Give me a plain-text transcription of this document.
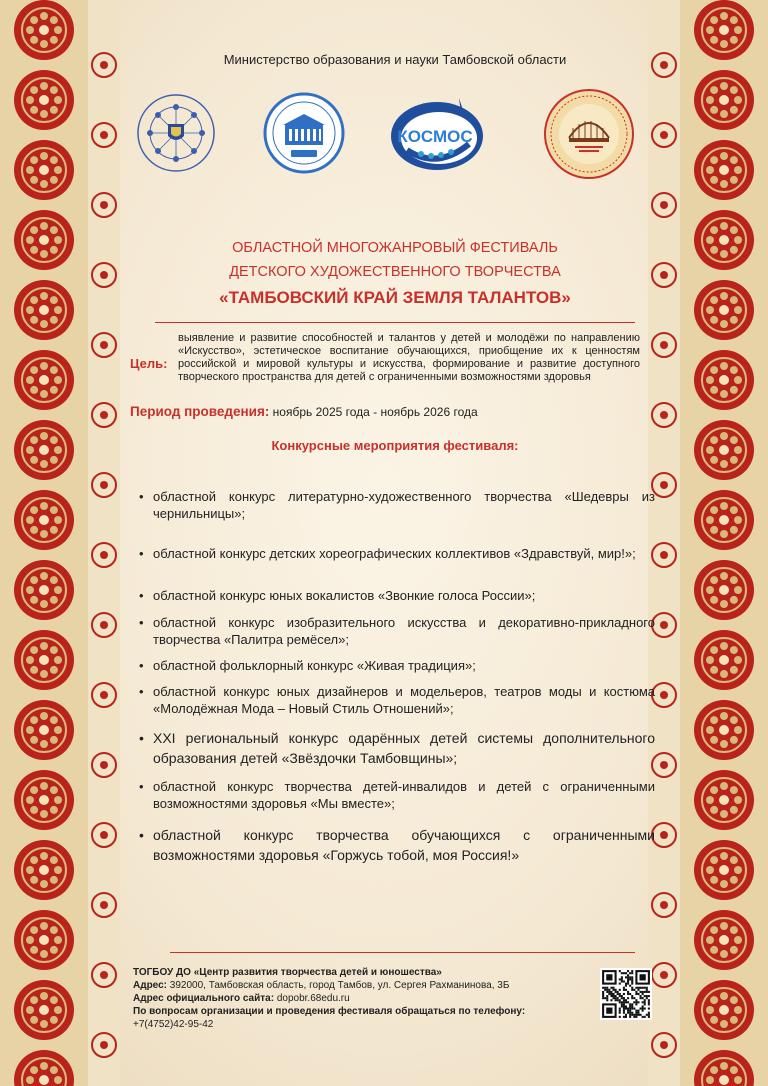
Министерство образования и науки Тамбовской области
КОСМОС
ОБЛАСТНОЙ МНОГОЖАНРОВЫЙ ФЕСТИВАЛЬ
ДЕТСКОГО ХУДОЖЕСТВЕННОГО ТВОРЧЕСТВА
«ТАМБОВСКИЙ КРАЙ ЗЕМЛЯ ТАЛАНТОВ»
Цель:
выявление и развитие способностей и талантов у детей и молодёжи по направлению «Искусство», эстетическое воспитание обучающихся, приобщение их к ценностям российской и мировой культуры и искусства, формирование и развитие доступного творческого пространства для детей с ограниченными возможностями здоровья
Период проведения: ноябрь 2025 года - ноябрь 2026 года
Конкурсные мероприятия фестиваля:
• областной конкурс литературно-художественного творчества «Шедевры из чернильницы»;
• областной конкурс детских хореографических коллективов «Здравствуй, мир!»;
• областной конкурс юных вокалистов «Звонкие голоса России»;
• областной конкурс изобразительного искусства и декоративно-прикладного творчества «Палитра ремёсел»;
• областной фольклорный конкурс «Живая традиция»;
• областной конкурс юных дизайнеров и модельеров, театров моды и костюма «Молодёжная Мода – Новый Стиль Отношений»;
• XXI региональный конкурс одарённых детей системы дополнительного образования детей «Звёздочки Тамбовщины»;
• областной конкурс творчества детей-инвалидов и детей с ограниченными возможностями здоровья «Мы вместе»;
• областной конкурс творчества обучающихся с ограниченными возможностями здоровья «Горжусь тобой, моя Россия!»
ТОГБОУ ДО «Центр развития творчества детей и юношества»
Адрес: 392000, Тамбовская область, город Тамбов, ул. Сергея Рахманинова, 3Б
Адрес официального сайта: dopobr.68edu.ru
По вопросам организации и проведения фестиваля обращаться по телефону:
+7(4752)42-95-42
